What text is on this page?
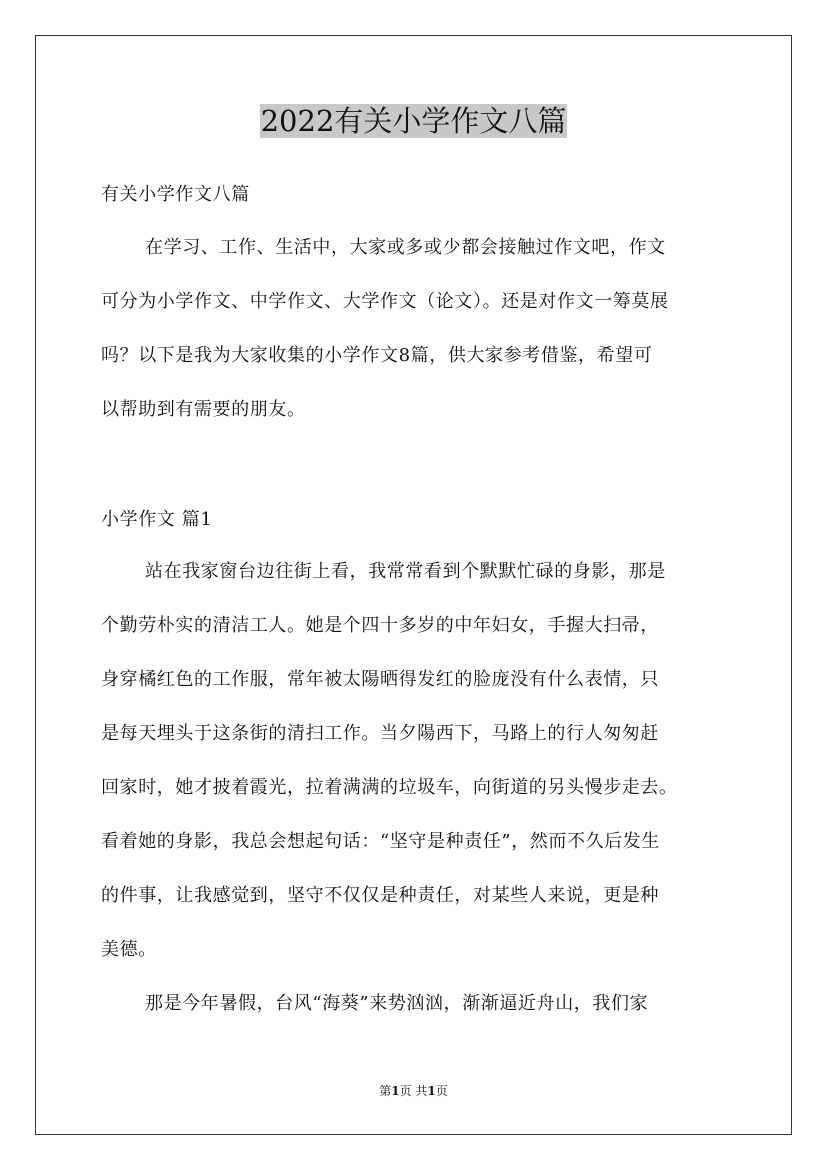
2022有关小学作文八篇
有关小学作文八篇
在学习、工作、生活中，大家或多或少都会接触过作文吧，作文
可分为小学作文、中学作文、大学作文（论文）。还是对作文一筹莫展
吗？以下是我为大家收集的小学作文8篇，供大家参考借鉴，希望可
以帮助到有需要的朋友。
小学作文 篇1
站在我家窗台边往街上看，我常常看到个默默忙碌的身影，那是
个勤劳朴实的清洁工人。她是个四十多岁的中年妇女，手握大扫帚，
身穿橘红色的工作服，常年被太陽晒得发红的脸庞没有什么表情，只
是每天埋头于这条街的清扫工作。当夕陽西下，马路上的行人匆匆赶
回家时，她才披着霞光，拉着满满的垃圾车，向街道的另头慢步走去。
看着她的身影，我总会想起句话：“坚守是种责任”，然而不久后发生
的件事，让我感觉到，坚守不仅仅是种责任，对某些人来说，更是种
美德。
那是今年暑假，台风“海葵”来势汹汹，渐渐逼近舟山，我们家
第1页 共1页
